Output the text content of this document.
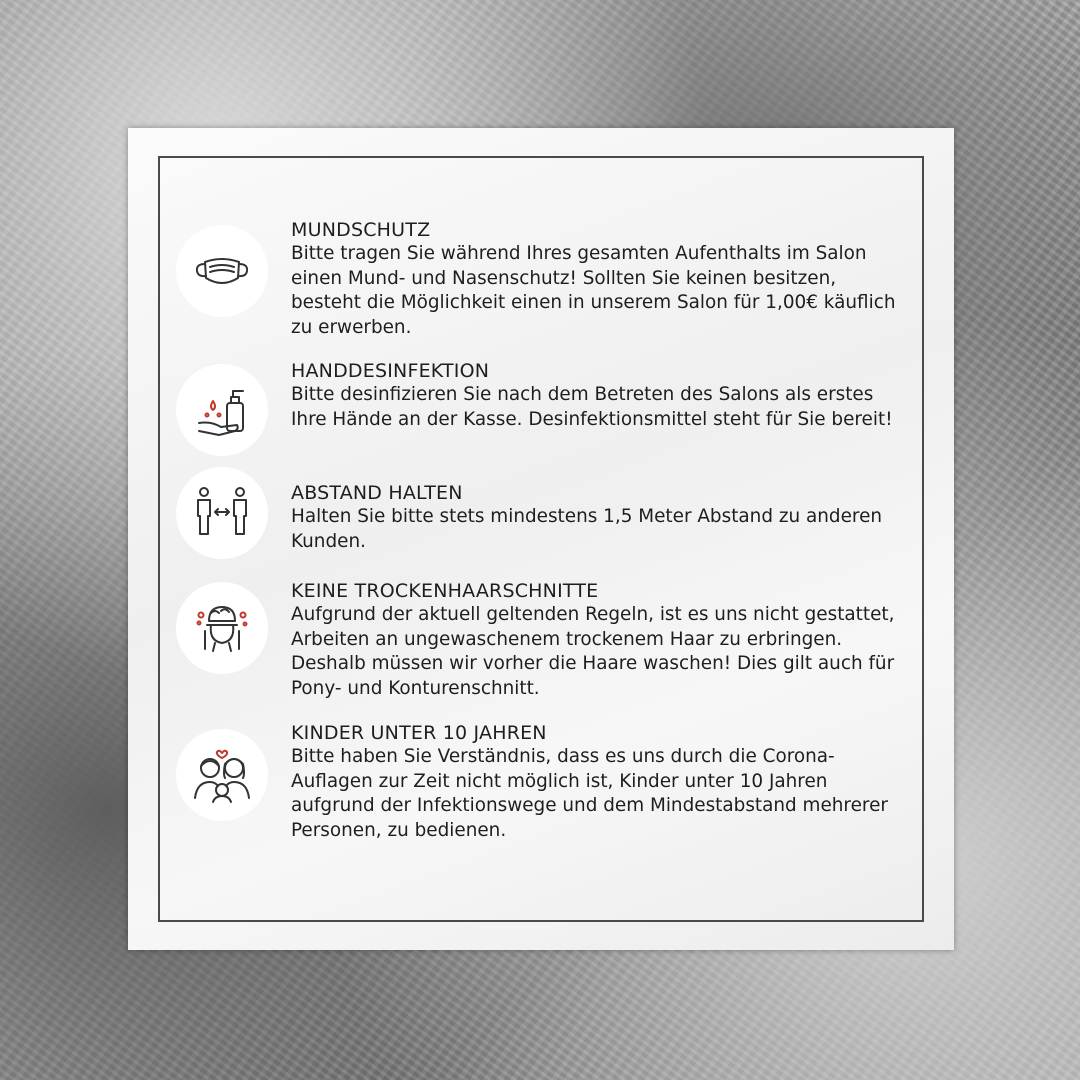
MUNDSCHUTZ
Bitte tragen Sie während Ihres gesamten Aufenthalts im Salon einen Mund- und Nasenschutz! Sollten Sie keinen besitzen, besteht die Möglichkeit einen in unserem Salon für 1,00€ käuflich zu erwerben.
HANDDESINFEKTION
Bitte desinfizieren Sie nach dem Betreten des Salons als erstes Ihre Hände an der Kasse. Desinfektionsmittel steht für Sie bereit!
ABSTAND HALTEN
Halten Sie bitte stets mindestens 1,5 Meter Abstand zu anderen Kunden.
KEINE TROCKENHAARSCHNITTE
Aufgrund der aktuell geltenden Regeln, ist es uns nicht gestattet, Arbeiten an ungewaschenem trockenem Haar zu erbringen. Deshalb müssen wir vorher die Haare waschen! Dies gilt auch für Pony- und Konturenschnitt.
KINDER UNTER 10 JAHREN
Bitte haben Sie Verständnis, dass es uns durch die Corona-Auflagen zur Zeit nicht möglich ist, Kinder unter 10 Jahren aufgrund der Infektionswege und dem Mindestabstand mehrerer Personen, zu bedienen.
